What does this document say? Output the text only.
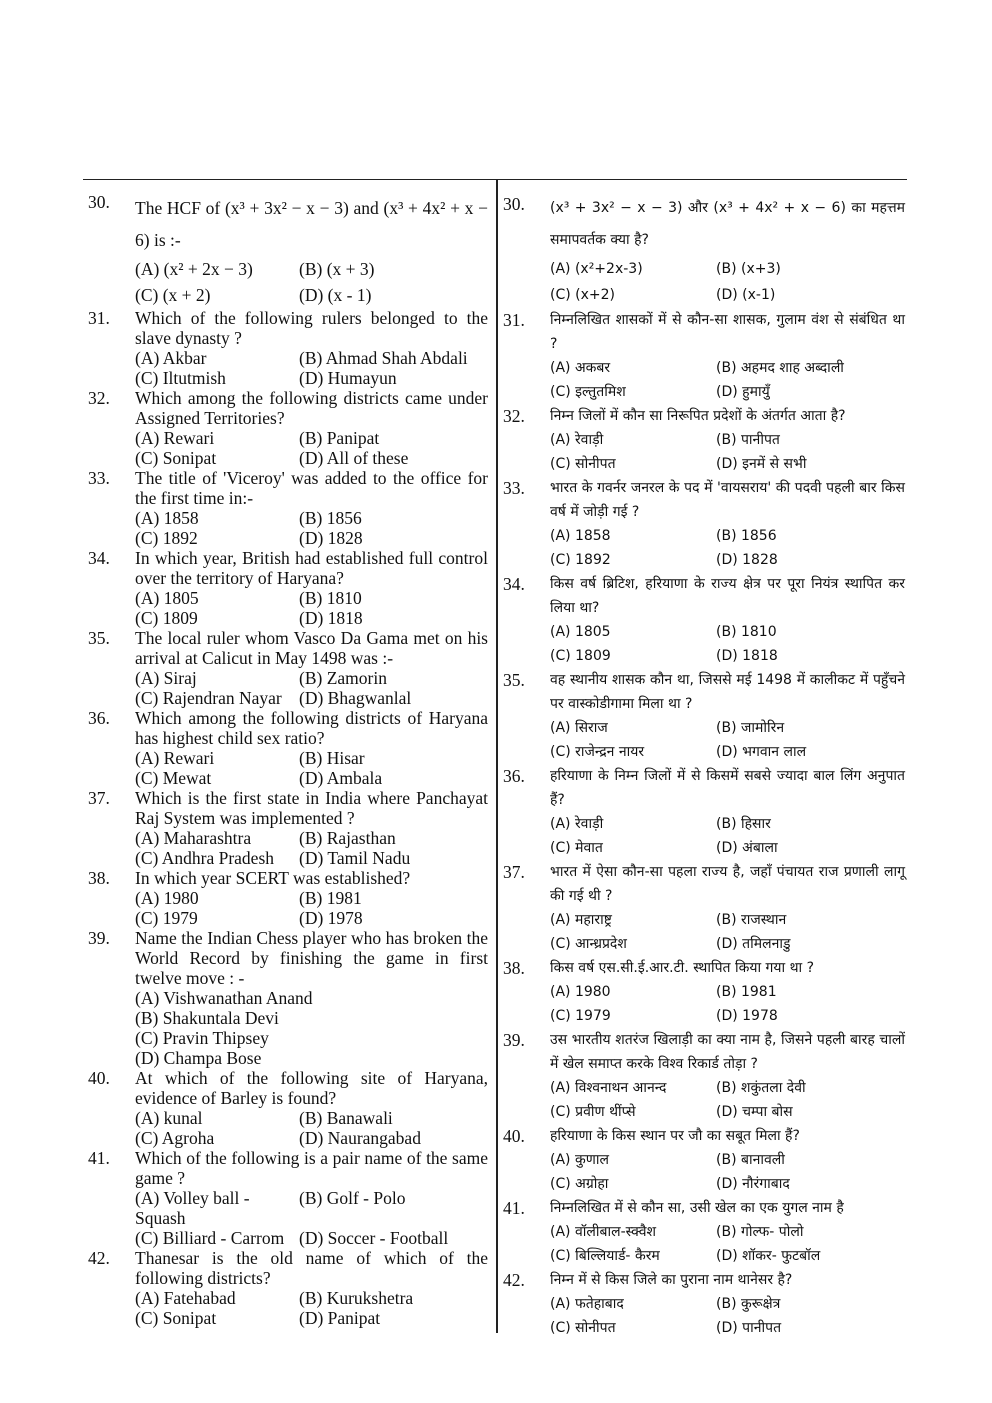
30.	The HCF of (x³ + 3x² − x − 3) and (x³ + 4x² + x − 6) is :-
(A) (x² + 2x − 3)	(B) (x + 3)
(C) (x + 2)	(D) (x - 1)
31.	Which of the following rulers belonged to the slave dynasty ?
(A) Akbar	(B) Ahmad Shah Abdali
(C) Iltutmish	(D) Humayun
32.	Which among the following districts came under Assigned Territories?
(A) Rewari	(B) Panipat
(C) Sonipat	(D) All of these
33.	The title of 'Viceroy' was added to the office for the first time in:-
(A) 1858	(B) 1856
(C) 1892	(D) 1828
34.	In which year, British had established full control over the territory of Haryana?
(A) 1805	(B) 1810
(C) 1809	(D) 1818
35.	The local ruler whom Vasco Da Gama met on his arrival at Calicut in May 1498 was :-
(A) Siraj	(B) Zamorin
(C) Rajendran Nayar (D) Bhagwanlal
36.	Which among the following districts of Haryana has highest child sex ratio?
(A) Rewari	(B) Hisar
(C) Mewat	(D) Ambala
37.	Which is the first state in India where Panchayat Raj System was implemented ?
(A) Maharashtra	(B) Rajasthan
(C) Andhra Pradesh	(D) Tamil Nadu
38.	In which year SCERT was established?
(A) 1980	(B) 1981
(C) 1979	(D) 1978
39.	Name the Indian Chess player who has broken the World Record by finishing the game in first twelve move : -
(A) Vishwanathan Anand
(B) Shakuntala Devi
(C) Pravin Thipsey
(D) Champa Bose
40.	At which of the following site of Haryana, evidence of Barley is found?
(A) kunal	(B) Banawali
(C) Agroha	(D) Naurangabad
41.	Which of the following is a pair name of the same game ?
(A) Volley ball - Squash
(B) Golf - Polo
(C) Billiard - Carrom (D) Soccer - Football
42.	Thanesar is the old name of which of the following districts?
(A) Fatehabad	(B) Kurukshetra
(C) Sonipat	(D) Panipat
30.	(x³ + 3x² − x − 3) और (x³ + 4x² + x − 6) का महत्तम समापवर्तक क्या है?
(A) (x²+2x-3)	(B) (x+3)
(C) (x+2)	(D) (x-1)
31.	निम्नलिखित शासकों में से कौन-सा शासक, गुलाम वंश से संबंधित था ?
(A) अकबर	(B) अहमद शाह अब्दाली
(C) इल्तुतमिश	(D) हुमायुँ
32.	निम्न जिलों में कौन सा निरूपित प्रदेशों के अंतर्गत आता है?
(A) रेवाड़ी	(B) पानीपत
(C) सोनीपत	(D) इनमें से सभी
33.	भारत के गवर्नर जनरल के पद में 'वायसराय' की पदवी पहली बार किस वर्ष में जोड़ी गई ?
(A) 1858	(B) 1856
(C) 1892	(D) 1828
34.	किस वर्ष ब्रिटिश, हरियाणा के राज्य क्षेत्र पर पूरा नियंत्र स्थापित कर लिया था?
(A) 1805	(B) 1810
(C) 1809	(D) 1818
35.	वह स्थानीय शासक कौन था, जिससे मई 1498 में कालीकट में पहुँचने पर वास्कोडीगामा मिला था ?
(A) सिराज	(B) जामोरिन
(C) राजेन्द्रन नायर	(D) भगवान लाल
36.	हरियाणा के निम्न जिलों में से किसमें सबसे ज्यादा बाल लिंग अनुपात हैं?
(A) रेवाड़ी	(B) हिसार
(C) मेवात	(D) अंबाला
37.	भारत में ऐसा कौन-सा पहला राज्य है, जहाँ पंचायत राज प्रणाली लागू की गई थी ?
(A) महाराष्ट्र	(B) राजस्थान
(C) आन्ध्रप्रदेश	(D) तमिलनाडु
38.	किस वर्ष एस.सी.ई.आर.टी. स्थापित किया गया था ?
(A) 1980	(B) 1981
(C) 1979	(D) 1978
39.	उस भारतीय शतरंज खिलाड़ी का क्या नाम है, जिसने पहली बारह चालों में खेल समाप्त करके विश्व रिकार्ड तोड़ा ?
(A) विश्वनाथन आनन्द	(B) शकुंतला देवी
(C) प्रवीण थींप्से	(D) चम्पा बोस
40.	हरियाणा के किस स्थान पर जौ का सबूत मिला हैं?
(A) कुणाल	(B) बानावली
(C) अग्रोहा	(D) नौरंगाबाद
41.	निम्नलिखित में से कौन सा, उसी खेल का एक युगल नाम है
(A) वॉलीबाल-स्क्वैश	(B) गोल्फ- पोलो
(C) बिल्लियार्ड- कैरम	(D) शॉकर- फुटबॉल
42.	निम्न में से किस जिले का पुराना नाम थानेसर है?
(A) फतेहाबाद	(B) कुरूक्षेत्र
(C) सोनीपत	(D) पानीपत
